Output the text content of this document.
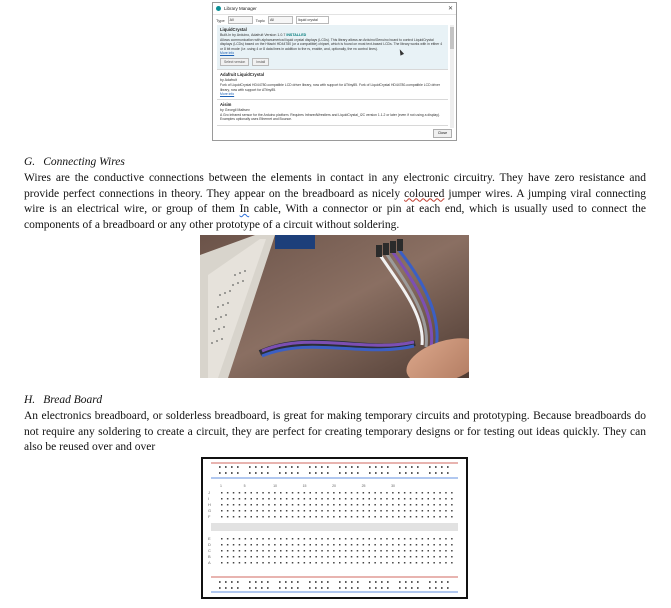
Library Manager	✕
Type	All	Topic	All	liquid crystal
LiquidCrystal
Built-In by Arduino, Adafruit Version 1.0.7 INSTALLED
Allows communication with alphanumerical liquid crystal displays (LCDs). This library allows an Arduino/Genuino board to control LiquidCrystal displays (LCDs) based on the Hitachi HD44780 (or a compatible) chipset, which is found on most text-based LCDs. The library works with in either 4 or 8 bit mode (i.e. using 4 or 8 data lines in addition to the rs, enable, and, optionally, the rw control lines).
More info
Select version	Install
Adafruit LiquidCrystal
by Adafruit
Fork of LiquidCrystal HD44780-compatible LCD driver library, now with support for ATtiny85. Fork of LiquidCrystal HD44780-compatible LCD driver library, now with support for ATtiny85.
More info
Aisim
by Georgii Maltsev
A Gro infrared sensor for the Arduino platform. Requires InfraredWrestlers and LiquidCrystal_I2C version 1.1.2 or later (even if not using a display). Examples optionally uses Ethernet and Bounce.
Close
G. Connecting Wires
Wires are the conductive connections between the elements in contact in any electronic circuitry. They have zero resistance and provide perfect connections in theory. They appear on the breadboard as nicely coloured jumper wires. A jumping viral connecting wire is an electrical wire, or group of them In cable, With a connector or pin at each end, which is usually used to connect the components of a breadboard or any other prototype of a circuit without soldering.
H. Bread Board
An electronics breadboard, or solderless breadboard, is great for making temporary circuits and prototyping. Because breadboards do not require any soldering to create a circuit, they are perfect for creating temporary designs or for testing out ideas quickly. They can also be reused over and over
J
I
H
G
F
E
D
C
B
A
1	5	10	15	20	25	30
